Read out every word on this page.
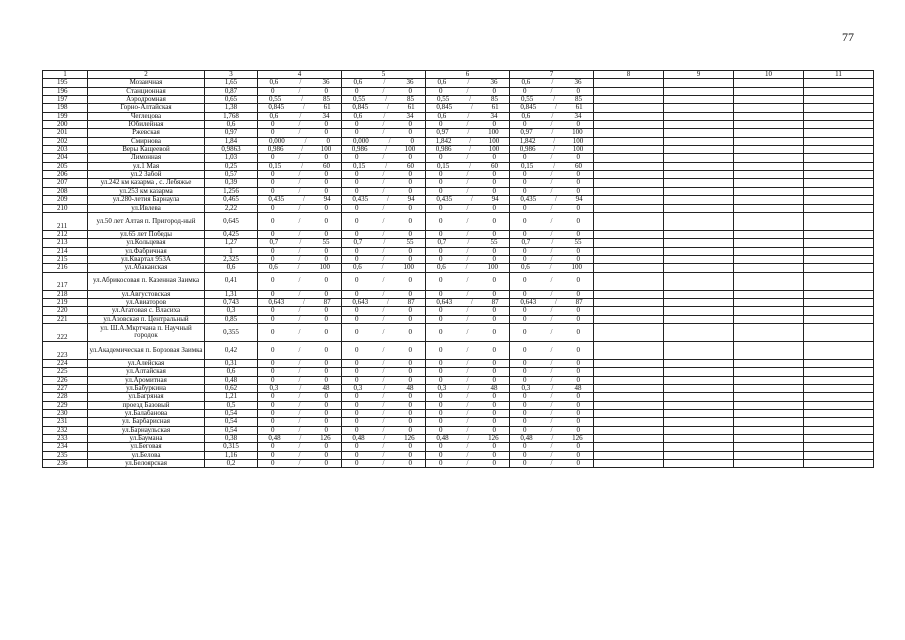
77
1	2	3	4	5	6	7	8	9	10	11
195	Мозаичная	1,65	0,6 / 36	0,6 / 36	0,6 / 36	0,6 / 36				

196	Станционная	0,87	0 / 0	0 / 0	0 / 0	0 / 0				

197	Аэродромная	0,65	0,55 / 85	0,55 / 85	0,55 / 85	0,55 / 85				

198	Горно-Алтайская	1,38	0,845 / 61	0,845 / 61	0,845 / 61	0,845 / 61				

199	Чеглецова	1,768	0,6 / 34	0,6 / 34	0,6 / 34	0,6 / 34				

200	Юбилейная	0,6	0 / 0	0 / 0	0 / 0	0 / 0				

201	Ржевская	0,97	0 / 0	0 / 0	0,97 / 100	0,97 / 100				

202	Смирнова	1,84	0,000 / 0	0,000 / 0	1,842 / 100	1,842 / 100				

203	Веры Кащеевой	0,9863	0,986 / 100	0,986 / 100	0,986 / 100	0,986 / 100				

204	Лимонная	1,03	0 / 0	0 / 0	0 / 0	0 / 0				

205	ул.1 Мая	0,25	0,15 / 60	0,15 / 60	0,15 / 60	0,15 / 60				

206	ул.2 Забой	0,57	0 / 0	0 / 0	0 / 0	0 / 0				

207	ул.242 км казарма , с. Лебяжье	0,39	0 / 0	0 / 0	0 / 0	0 / 0				

208	ул.253 км казарма	1,256	0 / 0	0 / 0	0 / 0	0 / 0				

209	ул.280-летия Барнаула	0,465	0,435 / 94	0,435 / 94	0,435 / 94	0,435 / 94				

210	ул.Ивлева	2,22	0 / 0	0 / 0	0 / 0	0 / 0				

211	ул.50 лет Алтая п. Пригород-ный	0,645	0 / 0	0 / 0	0 / 0	0 / 0				

212	ул.65 лет Победы	0,425	0 / 0	0 / 0	0 / 0	0 / 0				

213	ул.Кольцевая	1,27	0,7 / 55	0,7 / 55	0,7 / 55	0,7 / 55				

214	ул.Фабричная	1	0 / 0	0 / 0	0 / 0	0 / 0				

215	ул.Квартал 953А	2,325	0 / 0	0 / 0	0 / 0	0 / 0				

216	ул.Абаканская	0,6	0,6 / 100	0,6 / 100	0,6 / 100	0,6 / 100				

217	ул.Абрикосовая п. Казенная Заимка	0,41	0 / 0	0 / 0	0 / 0	0 / 0				

218	ул.Августовская	1,31	0 / 0	0 / 0	0 / 0	0 / 0				

219	ул.Авиаторов	0,743	0,643 / 87	0,643 / 87	0,643 / 87	0,643 / 87				

220	ул.Агатовая с. Власиха	0,3	0 / 0	0 / 0	0 / 0	0 / 0				

221	ул.Азовская п. Центральный	0,85	0 / 0	0 / 0	0 / 0	0 / 0				

222	ул. Ш.А.Мкртчана п. Научный городок	0,355	0 / 0	0 / 0	0 / 0	0 / 0				

223	ул.Академическая п. Борзовая Заимка	0,42	0 / 0	0 / 0	0 / 0	0 / 0				

224	ул.Алейская	0,31	0 / 0	0 / 0	0 / 0	0 / 0				

225	ул.Алтайская	0,6	0 / 0	0 / 0	0 / 0	0 / 0				

226	ул.Аромитная	0,48	0 / 0	0 / 0	0 / 0	0 / 0				

227	ул.Бабуркина	0,62	0,3 / 48	0,3 / 48	0,3 / 48	0,3 / 48				

228	ул.Багряная	1,21	0 / 0	0 / 0	0 / 0	0 / 0				

229	проезд Базовый	0,5	0 / 0	0 / 0	0 / 0	0 / 0				

230	ул.Балабанова	0,54	0 / 0	0 / 0	0 / 0	0 / 0				

231	ул. Барбарисная	0,54	0 / 0	0 / 0	0 / 0	0 / 0				

232	ул.Барнаульская	0,54	0 / 0	0 / 0	0 / 0	0 / 0				

233	ул.Баумана	0,38	0,48 / 126	0,48 / 126	0,48 / 126	0,48 / 126				

234	ул.Беговая	0,315	0 / 0	0 / 0	0 / 0	0 / 0				

235	ул.Белова	1,16	0 / 0	0 / 0	0 / 0	0 / 0				

236	ул.Белоярская	0,2	0 / 0	0 / 0	0 / 0	0 / 0				
